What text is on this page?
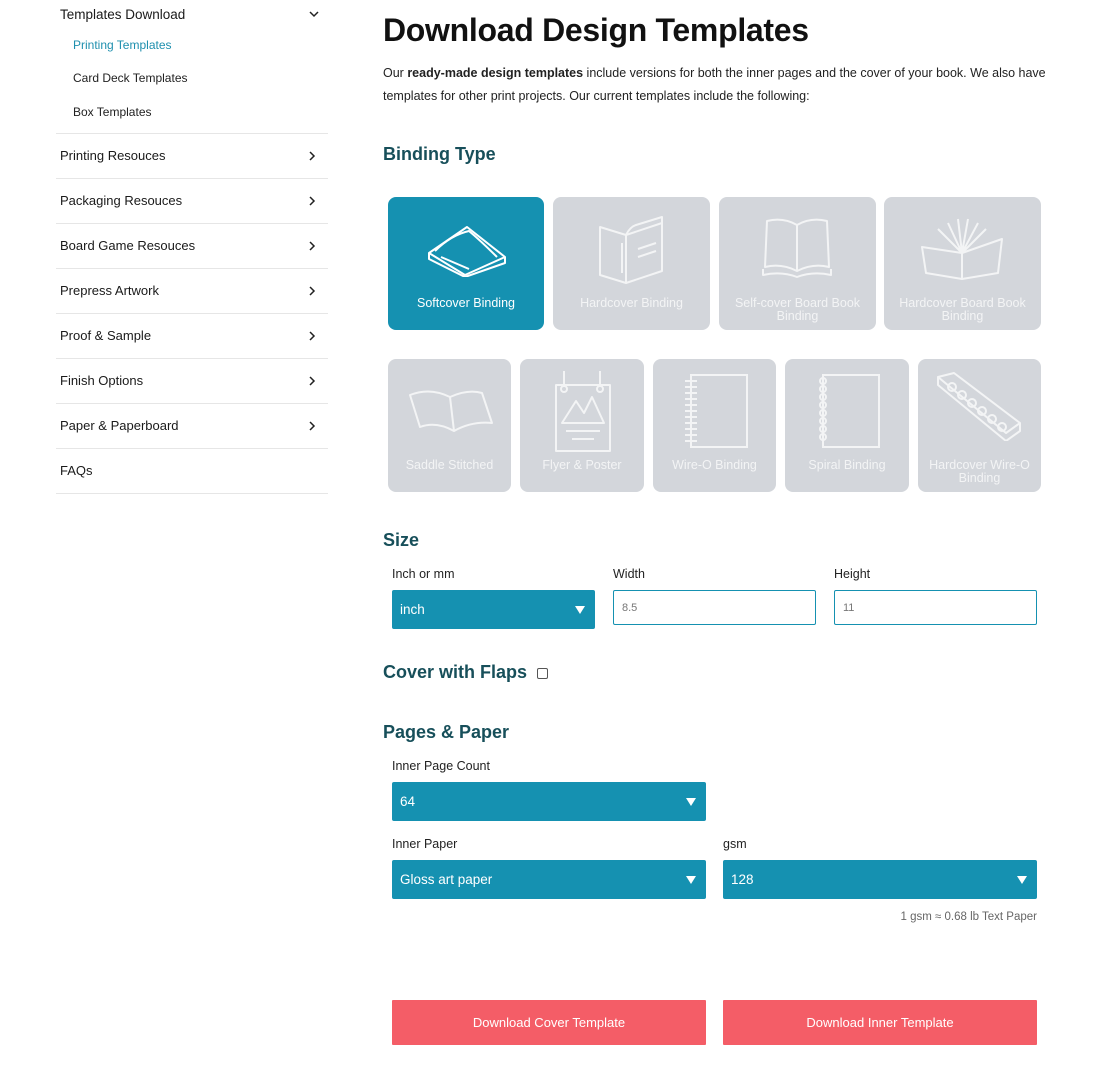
Templates Download
Printing Templates
Card Deck Templates
Box Templates
Printing Resouces
Packaging Resouces
Board Game Resouces
Prepress Artwork
Proof & Sample
Finish Options
Paper & Paperboard
FAQs
Download Design Templates

Our ready-made design templates include versions for both the inner pages and the cover of your book. We also have templates for other print projects. Our current templates include the following:

Binding Type
Softcover Binding	Hardcover Binding	Self-cover Board Book Binding
Hardcover Board Book Binding
Saddle Stitched	Flyer & Poster	Wire-O Binding	Spiral Binding	Hardcover Wire-O Binding
Size
Inch or mm
inch
Width
8.5
Height
11
Cover with Flaps
Pages & Paper
Inner Page Count
64
Inner Paper
Gloss art paper
gsm
128
1 gsm ≈ 0.68 lb Text Paper
Download Cover Template	Download Inner Template
